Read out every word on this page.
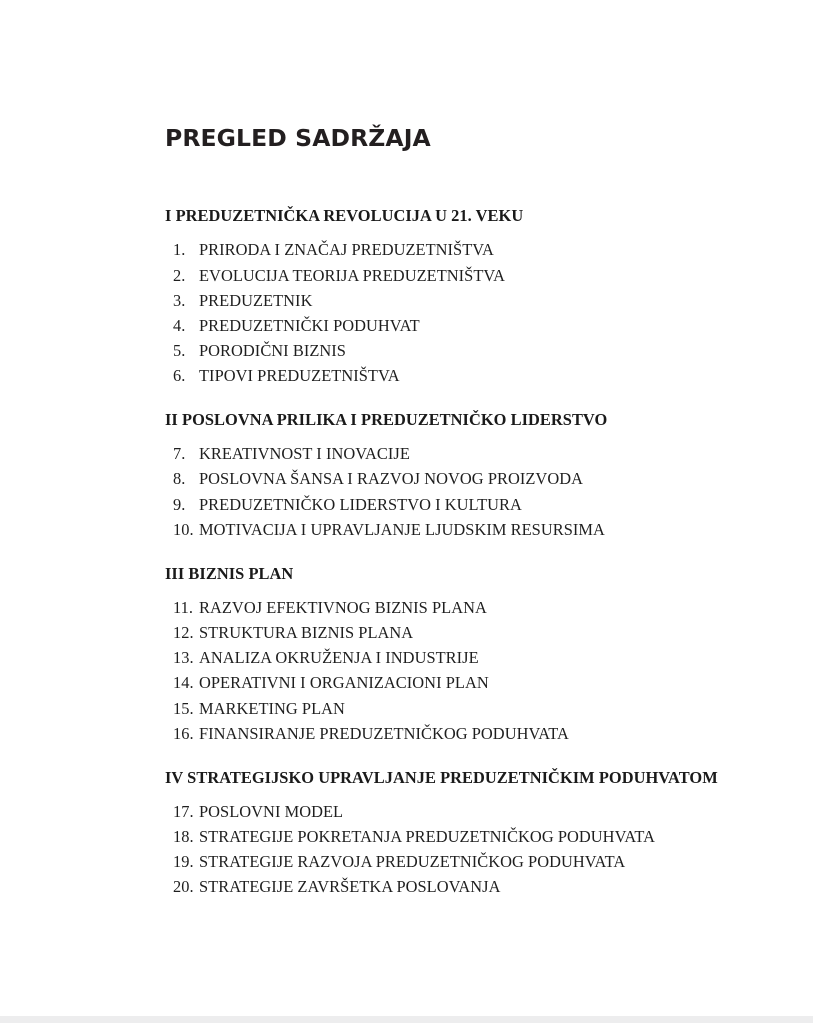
PREGLED SADRŽAJA
I PREDUZETNIČKA REVOLUCIJA U 21. VEKU
1. PRIRODA I ZNAČAJ PREDUZETNIŠTVA
2. EVOLUCIJA TEORIJA PREDUZETNIŠTVA
3. PREDUZETNIK
4. PREDUZETNIČKI PODUHVAT
5. PORODIČNI BIZNIS
6. TIPOVI PREDUZETNIŠTVA
II POSLOVNA PRILIKA I PREDUZETNIČKO LIDERSTVO
7. KREATIVNOST I INOVACIJE
8. POSLOVNA ŠANSA I RAZVOJ NOVOG PROIZVODA
9. PREDUZETNIČKO LIDERSTVO I KULTURA
10. MOTIVACIJA I UPRAVLJANJE LJUDSKIM RESURSIMA
III BIZNIS PLAN
11. RAZVOJ EFEKTIVNOG BIZNIS PLANA
12. STRUKTURA BIZNIS PLANA
13. ANALIZA OKRUŽENJA I INDUSTRIJE
14. OPERATIVNI I ORGANIZACIONI PLAN
15. MARKETING PLAN
16. FINANSIRANJE PREDUZETNIČKOG PODUHVATA
IV STRATEGIJSKO UPRAVLJANJE PREDUZETNIČKIM PODUHVATOM
17. POSLOVNI MODEL
18. STRATEGIJE POKRETANJA PREDUZETNIČKOG PODUHVATA
19. STRATEGIJE RAZVOJA PREDUZETNIČKOG PODUHVATA
20. STRATEGIJE ZAVRŠETKA POSLOVANJA
